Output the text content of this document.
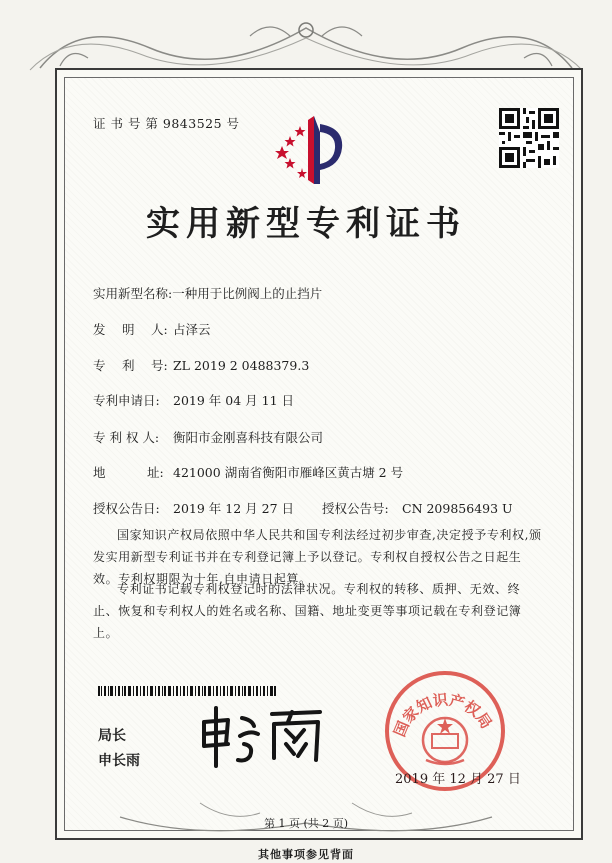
证 书 号 第 9843525 号
实用新型专利证书
实用新型名称:一种用于比例阀上的止挡片
发　 明　 人: 占泽云
专　 利　 号: ZL 2019 2 0488379.3
专利申请日: 2019 年 04 月 11 日
专 利 权 人: 衡阳市金刚喜科技有限公司
地　　　 址: 421000 湖南省衡阳市雁峰区黄古塘 2 号
授权公告日: 2019 年 12 月 27 日 授权公告号: CN 209856493 U
国家知识产权局依照中华人民共和国专利法经过初步审查,决定授予专利权,颁发实用新型专利证书并在专利登记簿上予以登记。专利权自授权公告之日起生效。专利权期限为十年,自申请日起算。
专利证书记载专利权登记时的法律状况。专利权的转移、质押、无效、终止、恢复和专利权人的姓名或名称、国籍、地址变更等事项记载在专利登记簿上。
局长
申长雨
国家知识产权局
2019 年 12 月 27 日
第 1 页 (共 2 页)
其他事项参见背面
